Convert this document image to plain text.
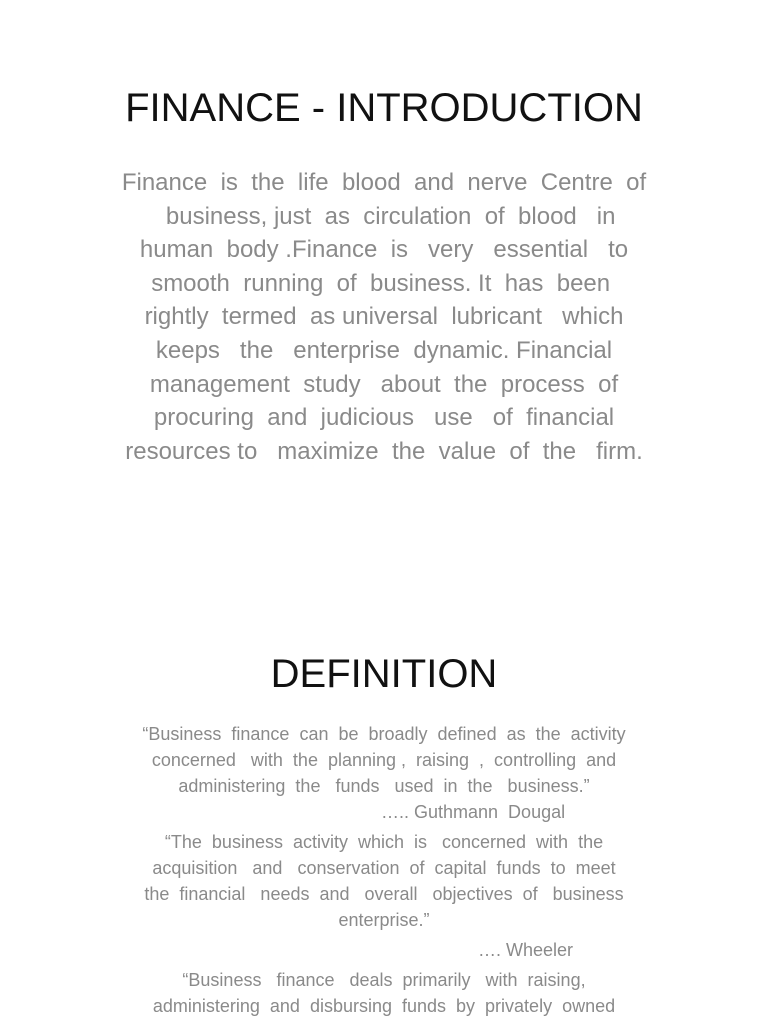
FINANCE - INTRODUCTION
Finance  is  the  life  blood  and  nerve  Centre  of
business, just  as  circulation  of  blood   in
human  body .Finance  is   very   essential   to
smooth  running  of  business. It  has  been
rightly  termed  as universal  lubricant   which
keeps   the   enterprise  dynamic. Financial
management  study   about  the  process  of
procuring  and  judicious   use   of  financial
resources to   maximize  the  value  of  the   firm.
DEFINITION
“Business  finance  can  be  broadly  defined  as  the  activity
concerned   with  the  planning ,  raising  ,  controlling  and
administering  the   funds   used  in  the   business.”
….. Guthmann  Dougal
“The  business  activity  which  is   concerned  with  the
acquisition   and   conservation  of  capital  funds  to  meet
the  financial   needs  and   overall   objectives  of   business
enterprise.”
…. Wheeler
“Business   finance   deals  primarily   with  raising,
administering  and  disbursing  funds  by  privately  owned
